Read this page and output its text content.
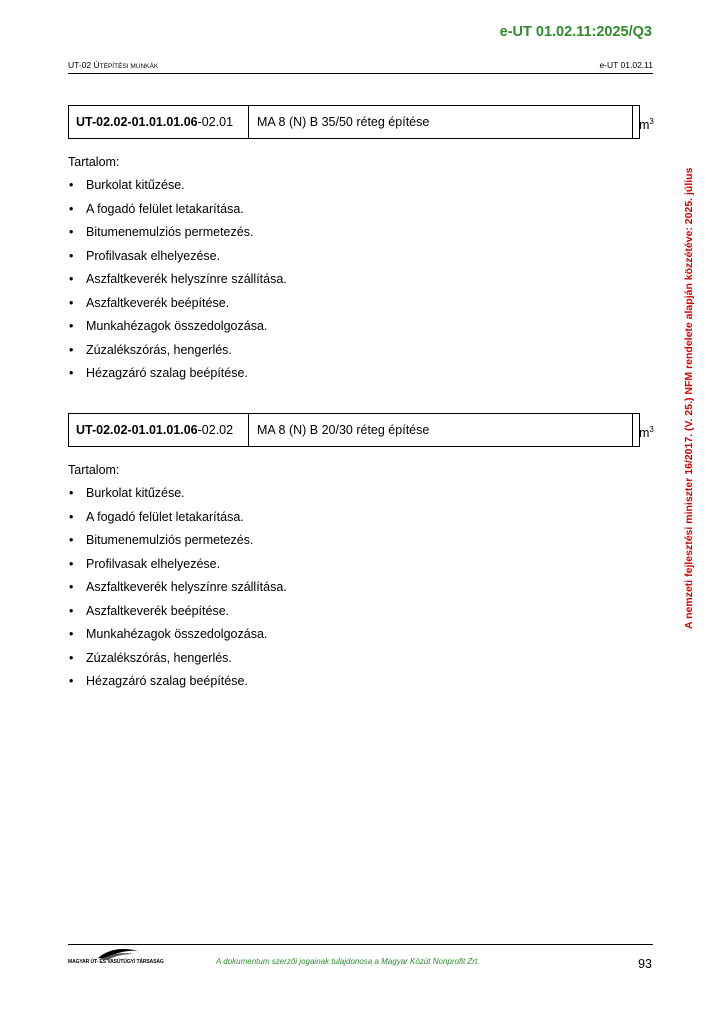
e-UT 01.02.11:2025/Q3
UT-02 ÚTÉPÍTÉSI MUNKÁK	e-UT 01.02.11
A nemzeti fejlesztési miniszter 16/2017. (V. 25.) NFM rendelete alapján közzétéve: 2025. július
UT-02.02-01.01.01.06-02.01	MA 8 (N) B 35/50 réteg építése	$m^3$
Tartalom:
• Burkolat kitűzése.
• A fogadó felület letakarítása.
• Bitumenemulziós permetezés.
• Profilvasak elhelyezése.
• Aszfaltkeverék helyszínre szállítása.
• Aszfaltkeverék beépítése.
• Munkahézagok összedolgozása.
• Zúzalékszórás, hengerlés.
• Hézagzáró szalag beépítése.
UT-02.02-01.01.01.06-02.02	MA 8 (N) B 20/30 réteg építése	$m^3$
Tartalom:
• Burkolat kitűzése.
• A fogadó felület letakarítása.
• Bitumenemulziós permetezés.
• Profilvasak elhelyezése.
• Aszfaltkeverék helyszínre szállítása.
• Aszfaltkeverék beépítése.
• Munkahézagok összedolgozása.
• Zúzalékszórás, hengerlés.
• Hézagzáró szalag beépítése.
MAGYAR ÚT- ÉS VASÚTÜGYI TÁRSASÁG	A dokumentum szerzői jogainak tulajdonosa a Magyar Közút Nonprofit Zrt.	93
